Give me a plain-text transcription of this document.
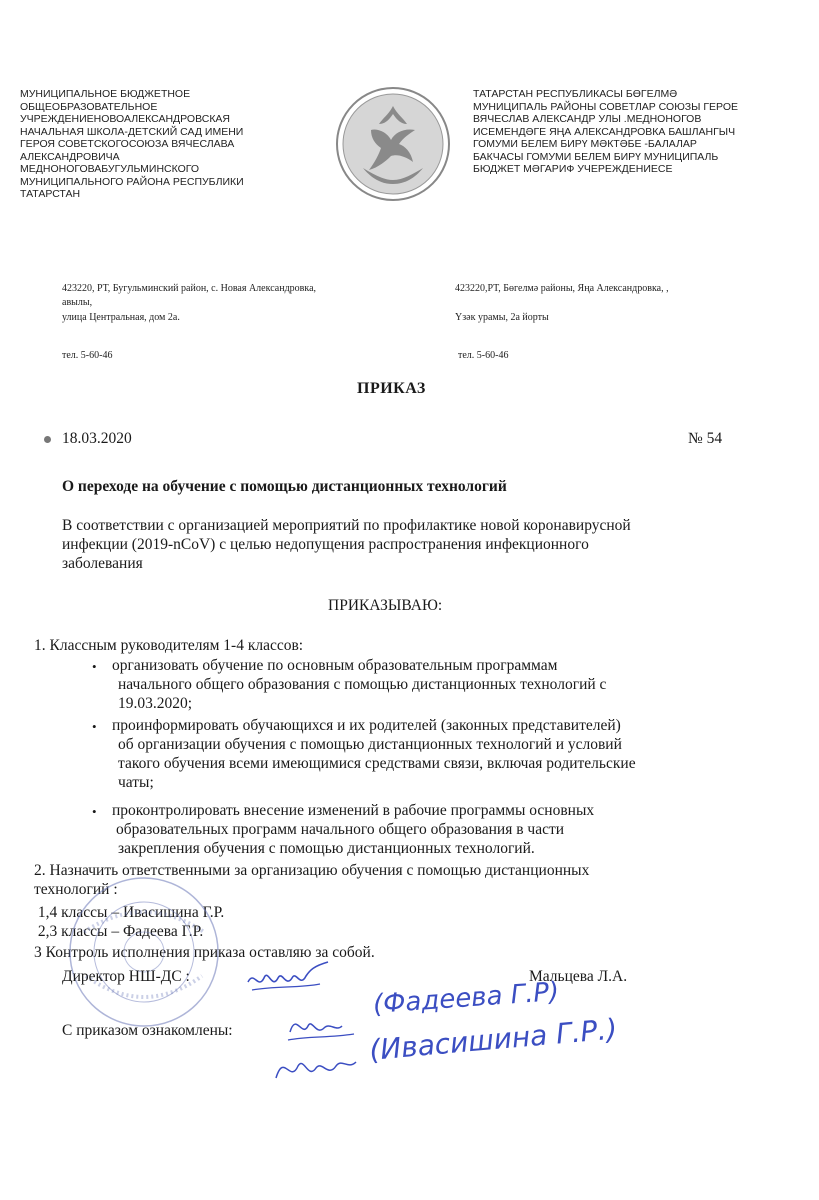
МУНИЦИПАЛЬНОЕ БЮДЖЕТНОЕ
ОБЩЕОБРАЗОВАТЕЛЬНОЕ
УЧРЕЖДЕНИЕНОВОАЛЕКСАНДРОВСКАЯ
НАЧАЛЬНАЯ ШКОЛА-ДЕТСКИЙ САД ИМЕНИ
ГЕРОЯ СОВЕТСКОГОСОЮЗА ВЯЧЕСЛАВА
АЛЕКСАНДРОВИЧА
МЕДНОНОГОВАБУГУЛЬМИНСКОГО
МУНИЦИПАЛЬНОГО РАЙОНА РЕСПУБЛИКИ
ТАТАРСТАН
ТАТАРСТАН РЕСПУБЛИКАСЫ БӨГЕЛМӘ
МУНИЦИПАЛЬ РАЙОНЫ СОВЕТЛАР СОЮЗЫ ГЕРОЕ
ВЯЧЕСЛАВ АЛЕКСАНДР УЛЫ .МЕДНОНОГОВ
ИСЕМЕНДӘГЕ ЯҢА АЛЕКСАНДРОВКА БАШЛАНГЫЧ
ГОМУМИ БЕЛЕМ БИРҮ МӘКТӘБЕ -БАЛАЛАР
БАКЧАСЫ ГОМУМИ БЕЛЕМ БИРҮ МУНИЦИПАЛЬ
БЮДЖЕТ МӘГАРИФ УЧЕРЕЖДЕНИЕСЕ
423220, РТ, Бугульминский район, с. Новая Александровка,
авылы,
улица Центральная, дом 2а.
тел. 5-60-46
423220,РТ, Бөгелмә районы, Яңа Александровка, ,
Үзәк урамы, 2а йорты
тел. 5-60-46
ПРИКАЗ
18.03.2020	№ 54
О переходе на обучение с помощью дистанционных технологий
В соответствии с организацией мероприятий по профилактике новой коронавирусной
инфекции (2019-nCoV) с целью недопущения распространения инфекционного
заболевания
ПРИКАЗЫВАЮ:
1. Классным руководителям 1-4 классов:
• организовать обучение по основным образовательным программам
начального общего образования с помощью дистанционных технологий с
19.03.2020;
• проинформировать обучающихся и их родителей (законных представителей)
об организации обучения с помощью дистанционных технологий и условий
такого обучения всеми имеющимися средствами связи, включая родительские
чаты;
• проконтролировать внесение изменений в рабочие программы основных
образовательных программ начального общего образования в части
закрепления обучения с помощью дистанционных технологий.
2. Назначить ответственными за организацию обучения с помощью дистанционных
технологий :
1,4 классы – Ивасишина Г.Р.
2,3 классы – Фадеева Г.Р.
3 Контроль исполнения приказа оставляю за собой.
Директор НШ-ДС :	Мальцева Л.А.
С приказом ознакомлены:
(Фадеева Г.Р)
(Ивасишина Г.Р.)
